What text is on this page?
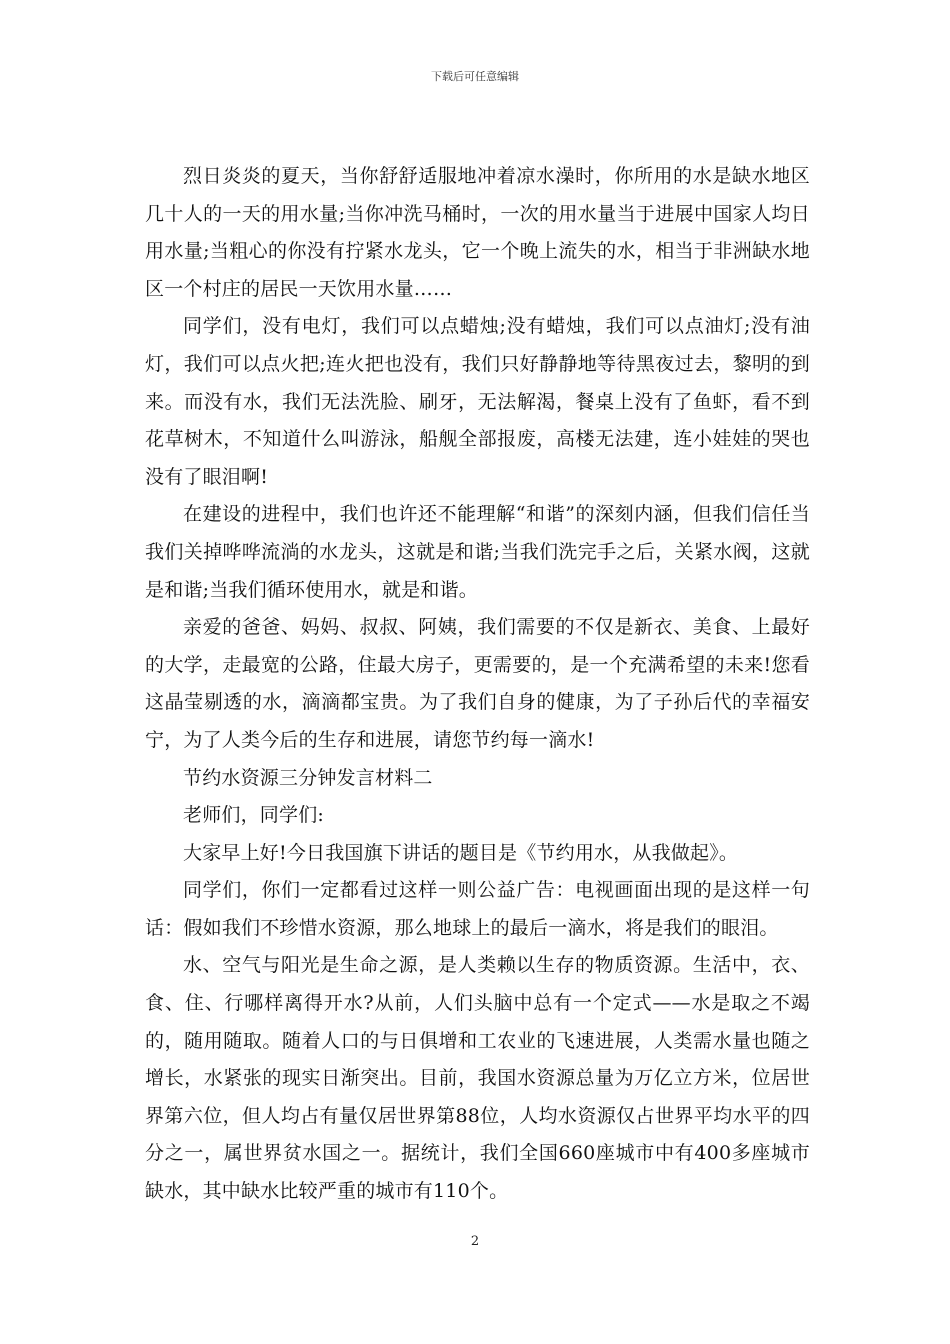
下载后可任意编辑

烈日炎炎的夏天，当你舒舒适服地冲着凉水澡时，你所用的水是缺水地区几十人的一天的用水量;当你冲洗马桶时，一次的用水量当于进展中国家人均日用水量;当粗心的你没有拧紧水龙头，它一个晚上流失的水，相当于非洲缺水地区一个村庄的居民一天饮用水量……

同学们，没有电灯，我们可以点蜡烛;没有蜡烛，我们可以点油灯;没有油灯，我们可以点火把;连火把也没有，我们只好静静地等待黑夜过去，黎明的到来。而没有水，我们无法洗脸、刷牙，无法解渴，餐桌上没有了鱼虾，看不到花草树木，不知道什么叫游泳，船舰全部报废，高楼无法建，连小娃娃的哭也没有了眼泪啊!

在建设的进程中，我们也许还不能理解“和谐”的深刻内涵，但我们信任当我们关掉哗哗流淌的水龙头，这就是和谐;当我们洗完手之后，关紧水阀，这就是和谐;当我们循环使用水，就是和谐。

亲爱的爸爸、妈妈、叔叔、阿姨，我们需要的不仅是新衣、美食、上最好的大学，走最宽的公路，住最大房子，更需要的，是一个充满希望的未来!您看这晶莹剔透的水，滴滴都宝贵。为了我们自身的健康，为了子孙后代的幸福安宁，为了人类今后的生存和进展，请您节约每一滴水!

节约水资源三分钟发言材料二

老师们，同学们:

大家早上好!今日我国旗下讲话的题目是《节约用水，从我做起》。

同学们，你们一定都看过这样一则公益广告：电视画面出现的是这样一句话：假如我们不珍惜水资源，那么地球上的最后一滴水，将是我们的眼泪。

水、空气与阳光是生命之源，是人类赖以生存的物质资源。生活中，衣、食、住、行哪样离得开水?从前，人们头脑中总有一个定式——水是取之不竭的，随用随取。随着人口的与日俱增和工农业的飞速进展，人类需水量也随之增长，水紧张的现实日渐突出。目前，我国水资源总量为万亿立方米，位居世界第六位，但人均占有量仅居世界第88位，人均水资源仅占世界平均水平的四分之一，属世界贫水国之一。据统计，我们全国660座城市中有400多座城市缺水，其中缺水比较严重的城市有110个。

2
